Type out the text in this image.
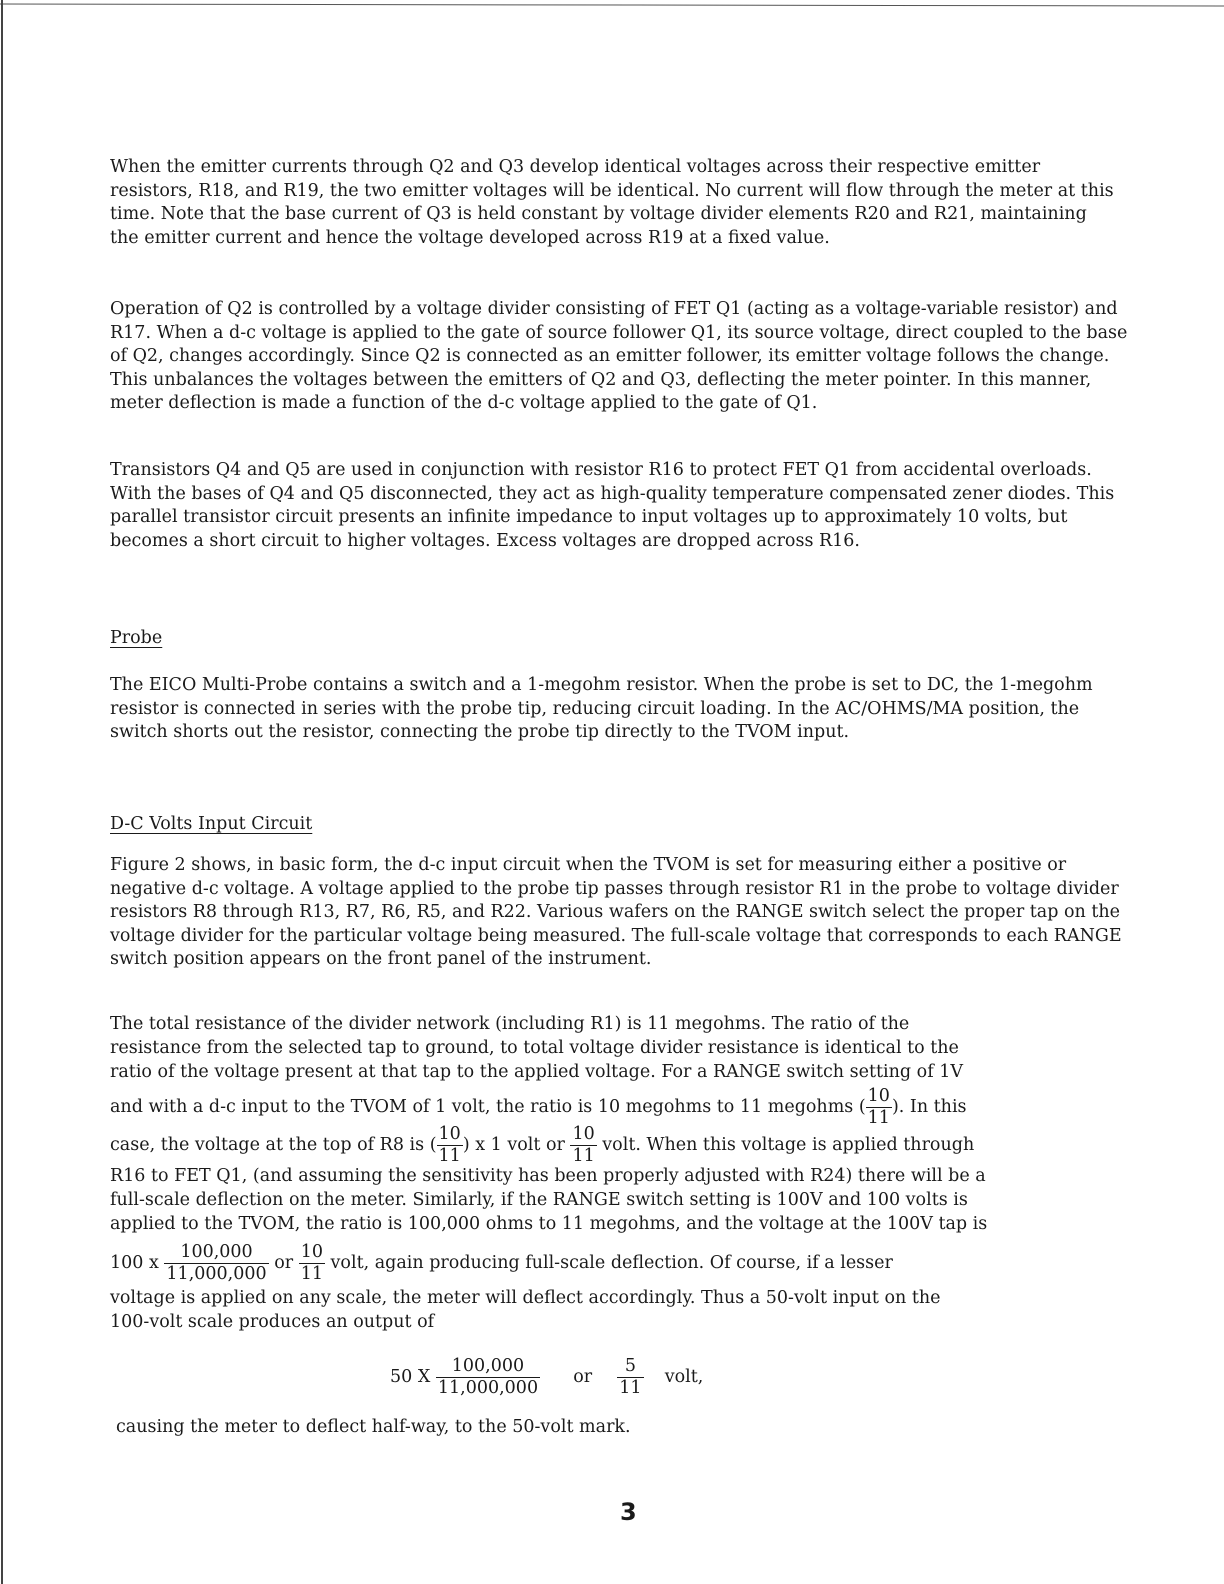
When the emitter currents through Q2 and Q3 develop identical voltages across their respective emitter resistors, R18, and R19, the two emitter voltages will be identical. No current will flow through the meter at this time. Note that the base current of Q3 is held constant by voltage divider elements R20 and R21, maintaining the emitter current and hence the voltage developed across R19 at a fixed value.

Operation of Q2 is controlled by a voltage divider consisting of FET Q1 (acting as a voltage-variable resistor) and R17. When a d-c voltage is applied to the gate of source follower Q1, its source voltage, direct coupled to the base of Q2, changes accordingly. Since Q2 is connected as an emitter follower, its emitter voltage follows the change. This unbalances the voltages between the emitters of Q2 and Q3, deflecting the meter pointer. In this manner, meter deflection is made a function of the d-c voltage applied to the gate of Q1.

Transistors Q4 and Q5 are used in conjunction with resistor R16 to protect FET Q1 from accidental overloads. With the bases of Q4 and Q5 disconnected, they act as high-quality temperature compensated zener diodes. This parallel transistor circuit presents an infinite impedance to input voltages up to approximately 10 volts, but becomes a short circuit to higher voltages. Excess voltages are dropped across R16.

Probe

The EICO Multi-Probe contains a switch and a 1-megohm resistor. When the probe is set to DC, the 1-megohm resistor is connected in series with the probe tip, reducing circuit loading. In the AC/OHMS/MA position, the switch shorts out the resistor, connecting the probe tip directly to the TVOM input.

D-C Volts Input Circuit

Figure 2 shows, in basic form, the d-c input circuit when the TVOM is set for measuring either a positive or negative d-c voltage. A voltage applied to the probe tip passes through resistor R1 in the probe to voltage divider resistors R8 through R13, R7, R6, R5, and R22. Various wafers on the RANGE switch select the proper tap on the voltage divider for the particular voltage being measured. The full-scale voltage that corresponds to each RANGE switch position appears on the front panel of the instrument.

The total resistance of the divider network (including R1) is 11 megohms. The ratio of the
resistance from the selected tap to ground, to total voltage divider resistance is identical to the
ratio of the voltage present at that tap to the applied voltage. For a RANGE switch setting of 1V
and with a d-c input to the TVOM of 1 volt, the ratio is 10 megohms to 11 megohms ( $\frac{10}{11}$ ). In this
case, the voltage at the top of R8 is ( $\frac{10}{11}$ ) x 1 volt or $\frac{10}{11}$ volt. When this voltage is applied through
R16 to FET Q1, (and assuming the sensitivity has been properly adjusted with R24) there will be a
full-scale deflection on the meter. Similarly, if the RANGE switch setting is 100V and 100 volts is
applied to the TVOM, the ratio is 100,000 ohms to 11 megohms, and the voltage at the 100V tap is
100 x $\frac{100,000}{11,000,000}$ or $\frac{10}{11}$ volt, again producing full-scale deflection. Of course, if a lesser
voltage is applied on any scale, the meter will deflect accordingly. Thus a 50-volt input on the
100-volt scale produces an output of
50 X $\frac{100,000}{11,000,000}$ or $\frac{5}{11}$ volt,

causing the meter to deflect half-way, to the 50-volt mark.

3
